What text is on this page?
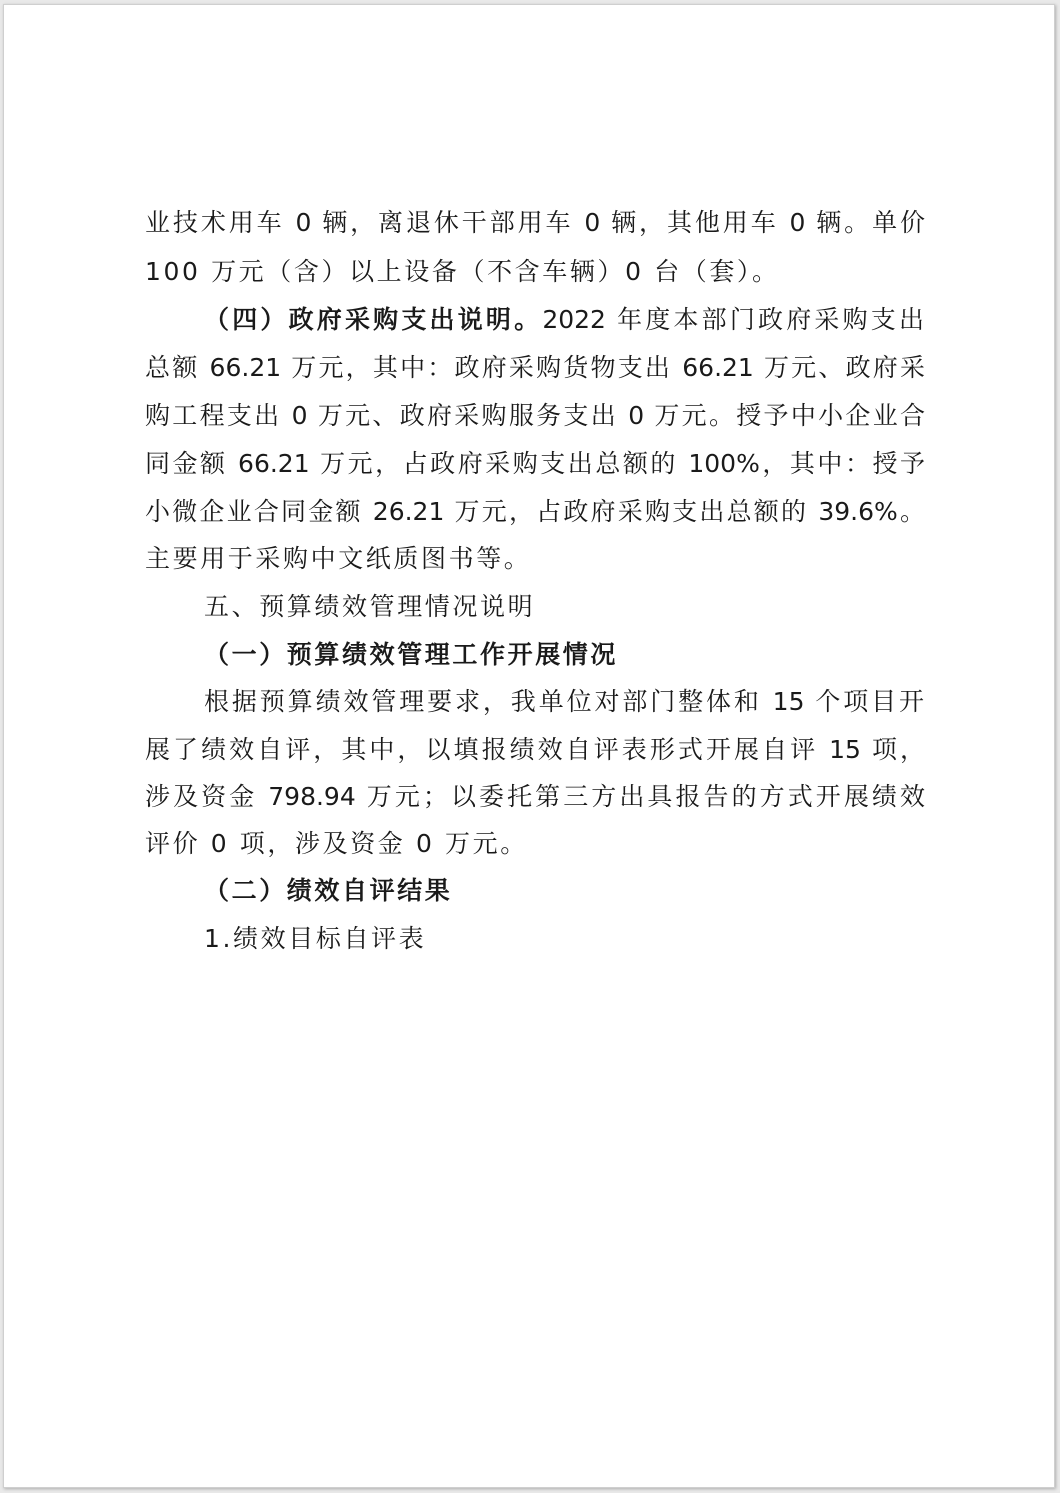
业技术用车 0 辆，离退休干部用车 0 辆，其他用车 0 辆。单价
100 万元（含）以上设备（不含车辆）0 台（套）。
（四）政府采购支出说明。2022 年度本部门政府采购支出
总额 66.21 万元，其中：政府采购货物支出 66.21 万元、政府采
购工程支出 0 万元、政府采购服务支出 0 万元。授予中小企业合
同金额 66.21 万元，占政府采购支出总额的 100%，其中：授予
小微企业合同金额 26.21 万元，占政府采购支出总额的 39.6%。
主要用于采购中文纸质图书等。
五、预算绩效管理情况说明
（一）预算绩效管理工作开展情况
根据预算绩效管理要求，我单位对部门整体和 15 个项目开
展了绩效自评，其中，以填报绩效自评表形式开展自评 15 项，
涉及资金 798.94 万元；以委托第三方出具报告的方式开展绩效
评价 0 项，涉及资金 0 万元。
（二）绩效自评结果
1.绩效目标自评表
